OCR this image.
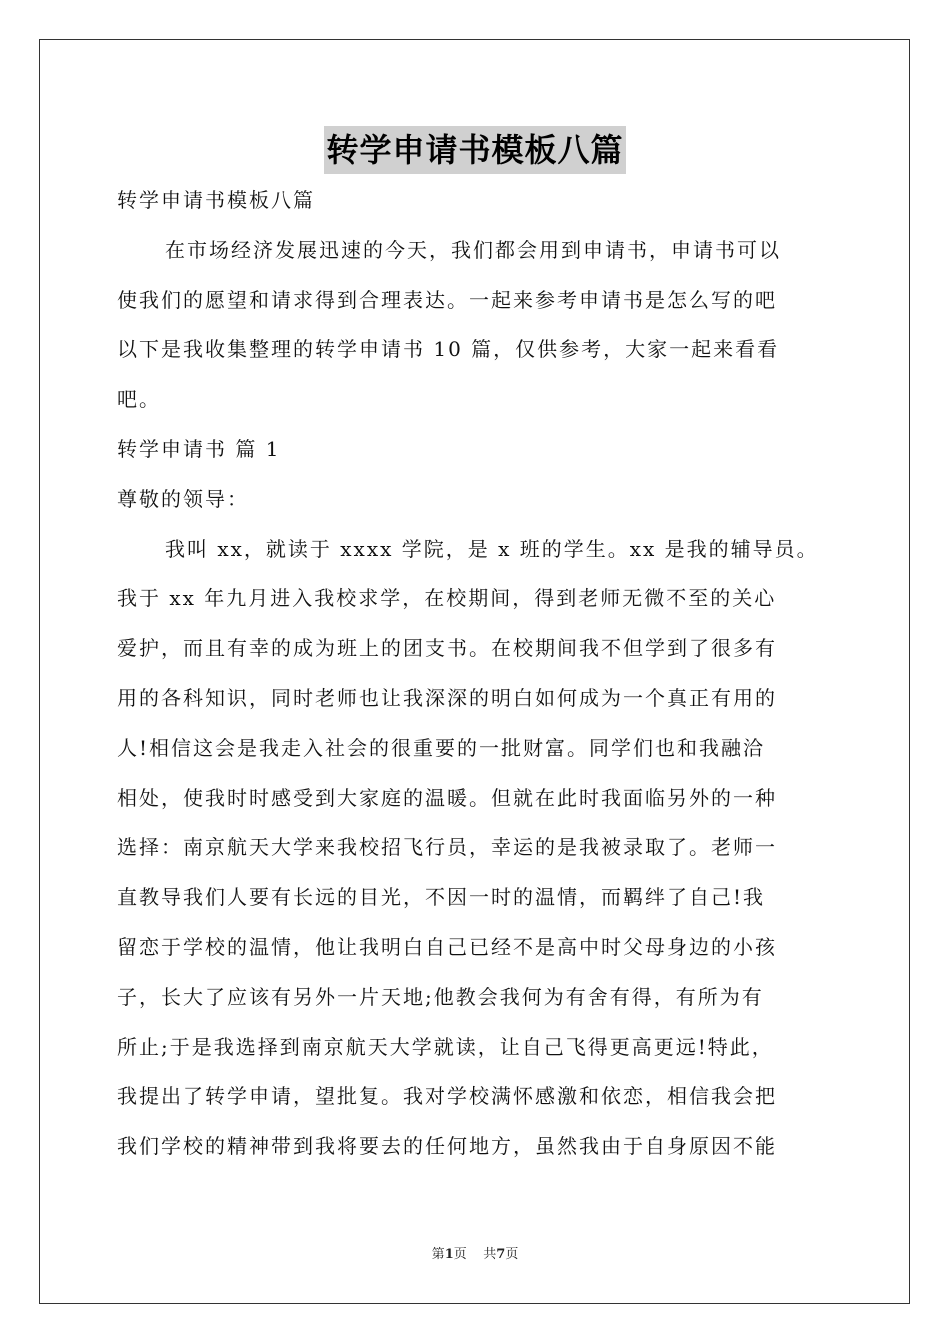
转学申请书模板八篇
转学申请书模板八篇
在市场经济发展迅速的今天，我们都会用到申请书，申请书可以
使我们的愿望和请求得到合理表达。一起来参考申请书是怎么写的吧
以下是我收集整理的转学申请书 10 篇，仅供参考，大家一起来看看
吧。
转学申请书 篇 1
尊敬的领导：
我叫 xx，就读于 xxxx 学院，是 x 班的学生。xx 是我的辅导员。
我于 xx 年九月进入我校求学，在校期间，得到老师无微不至的关心
爱护，而且有幸的成为班上的团支书。在校期间我不但学到了很多有
用的各科知识，同时老师也让我深深的明白如何成为一个真正有用的
人!相信这会是我走入社会的很重要的一批财富。同学们也和我融洽
相处，使我时时感受到大家庭的温暖。但就在此时我面临另外的一种
选择：南京航天大学来我校招飞行员，幸运的是我被录取了。老师一
直教导我们人要有长远的目光，不因一时的温情，而羁绊了自己!我
留恋于学校的温情，他让我明白自己已经不是高中时父母身边的小孩
子，长大了应该有另外一片天地;他教会我何为有舍有得，有所为有
所止;于是我选择到南京航天大学就读，让自己飞得更高更远!特此，
我提出了转学申请，望批复。我对学校满怀感激和依恋，相信我会把
我们学校的精神带到我将要去的任何地方，虽然我由于自身原因不能
第1页    共7页
